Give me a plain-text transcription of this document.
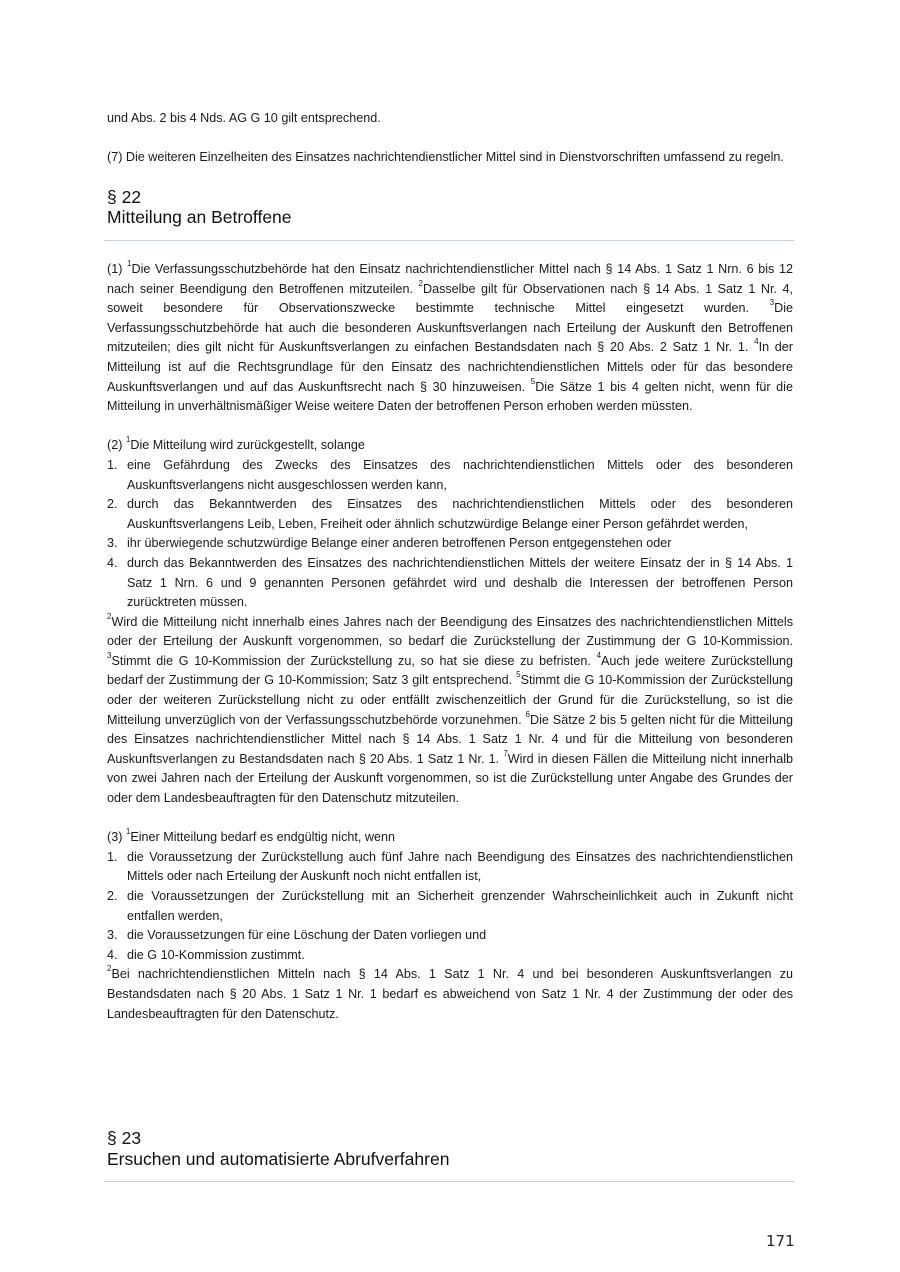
und Abs. 2 bis 4 Nds. AG G 10 gilt entsprechend.
(7) Die weiteren Einzelheiten des Einsatzes nachrichtendienstlicher Mittel sind in Dienstvorschriften umfassend zu regeln.
§ 22
Mitteilung an Betroffene

(1) $^1$Die Verfassungsschutzbehörde hat den Einsatz nachrichtendienstlicher Mittel nach § 14 Abs. 1 Satz 1 Nrn. 6 bis 12 nach seiner Beendigung den Betroffenen mitzuteilen. $^2$Dasselbe gilt für Observationen nach § 14 Abs. 1 Satz 1 Nr. 4, soweit besondere für Observationszwecke bestimmte technische Mittel eingesetzt wurden. $^3$Die Verfassungsschutzbehörde hat auch die besonderen Auskunftsverlangen nach Erteilung der Auskunft den Betroffenen mitzuteilen; dies gilt nicht für Auskunftsverlangen zu einfachen Bestandsdaten nach § 20 Abs. 2 Satz 1 Nr. 1. $^4$In der Mitteilung ist auf die Rechtsgrundlage für den Einsatz des nachrichtendienstlichen Mittels oder für das besondere Auskunftsverlangen und auf das Auskunftsrecht nach § 30 hinzuweisen. $^5$Die Sätze 1 bis 4 gelten nicht, wenn für die Mitteilung in unverhältnismäßiger Weise weitere Daten der betroffenen Person erhoben werden müssten.

(2) $^1$Die Mitteilung wird zurückgestellt, solange

1. eine Gefährdung des Zwecks des Einsatzes des nachrichtendienstlichen Mittels oder des besonderen Auskunftsverlangens nicht ausgeschlossen werden kann,
2. durch das Bekanntwerden des Einsatzes des nachrichtendienstlichen Mittels oder des besonderen Auskunftsverlangens Leib, Leben, Freiheit oder ähnlich schutzwürdige Belange einer Person gefährdet werden,
3. ihr überwiegende schutzwürdige Belange einer anderen betroffenen Person entgegenstehen oder
4. durch das Bekanntwerden des Einsatzes des nachrichtendienstlichen Mittels der weitere Einsatz der in § 14 Abs. 1 Satz 1 Nrn. 6 und 9 genannten Personen gefährdet wird und deshalb die Interessen der betroffenen Person zurücktreten müssen.

$^2$Wird die Mitteilung nicht innerhalb eines Jahres nach der Beendigung des Einsatzes des nachrichtendienstlichen Mittels oder der Erteilung der Auskunft vorgenommen, so bedarf die Zurückstellung der Zustimmung der G 10-Kommission. $^3$Stimmt die G 10-Kommission der Zurückstellung zu, so hat sie diese zu befristen. $^4$Auch jede weitere Zurückstellung bedarf der Zustimmung der G 10-Kommission; Satz 3 gilt entsprechend. $^5$Stimmt die G 10-Kommission der Zurückstellung oder der weiteren Zurückstellung nicht zu oder entfällt zwischenzeitlich der Grund für die Zurückstellung, so ist die Mitteilung unverzüglich von der Verfassungsschutzbehörde vorzunehmen. $^6$Die Sätze 2 bis 5 gelten nicht für die Mitteilung des Einsatzes nachrichtendienstlicher Mittel nach § 14 Abs. 1 Satz 1 Nr. 4 und für die Mitteilung von besonderen Auskunftsverlangen zu Bestandsdaten nach § 20 Abs. 1 Satz 1 Nr. 1. $^7$Wird in diesen Fällen die Mitteilung nicht innerhalb von zwei Jahren nach der Erteilung der Auskunft vorgenommen, so ist die Zurückstellung unter Angabe des Grundes der oder dem Landesbeauftragten für den Datenschutz mitzuteilen.

(3) $^1$Einer Mitteilung bedarf es endgültig nicht, wenn

1. die Voraussetzung der Zurückstellung auch fünf Jahre nach Beendigung des Einsatzes des nachrichtendienstlichen Mittels oder nach Erteilung der Auskunft noch nicht entfallen ist,
2. die Voraussetzungen der Zurückstellung mit an Sicherheit grenzender Wahrscheinlichkeit auch in Zukunft nicht entfallen werden,
3. die Voraussetzungen für eine Löschung der Daten vorliegen und
4. die G 10-Kommission zustimmt.

$^2$Bei nachrichtendienstlichen Mitteln nach § 14 Abs. 1 Satz 1 Nr. 4 und bei besonderen Auskunftsverlangen zu Bestandsdaten nach § 20 Abs. 1 Satz 1 Nr. 1 bedarf es abweichend von Satz 1 Nr. 4 der Zustimmung der oder des Landesbeauftragten für den Datenschutz.

§ 23
Ersuchen und automatisierte Abrufverfahren
171
